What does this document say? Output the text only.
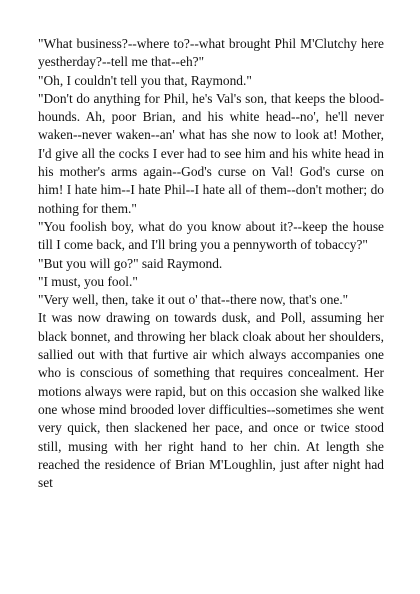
"What business?--where to?--what brought Phil M'Clutchy here yestherday?--tell me that--eh?"

"Oh, I couldn't tell you that, Raymond."

"Don't do anything for Phil, he's Val's son, that keeps the blood-hounds. Ah, poor Brian, and his white head--no', he'll never waken--never waken--an' what has she now to look at! Mother, I'd give all the cocks I ever had to see him and his white head in his mother's arms again--God's curse on Val! God's curse on him! I hate him--I hate Phil--I hate all of them--don't mother; do nothing for them."

"You foolish boy, what do you know about it?--keep the house till I come back, and I'll bring you a pennyworth of tobaccy?"

"But you will go?" said Raymond.

"I must, you fool."

"Very well, then, take it out o' that--there now, that's one."

It was now drawing on towards dusk, and Poll, assuming her black bonnet, and throwing her black cloak about her shoulders, sallied out with that furtive air which always accompanies one who is conscious of something that requires concealment. Her motions always were rapid, but on this occasion she walked like one whose mind brooded lover difficulties--sometimes she went very quick, then slackened her pace, and once or twice stood still, musing with her right hand to her chin. At length she reached the residence of Brian M'Loughlin, just after night had set
